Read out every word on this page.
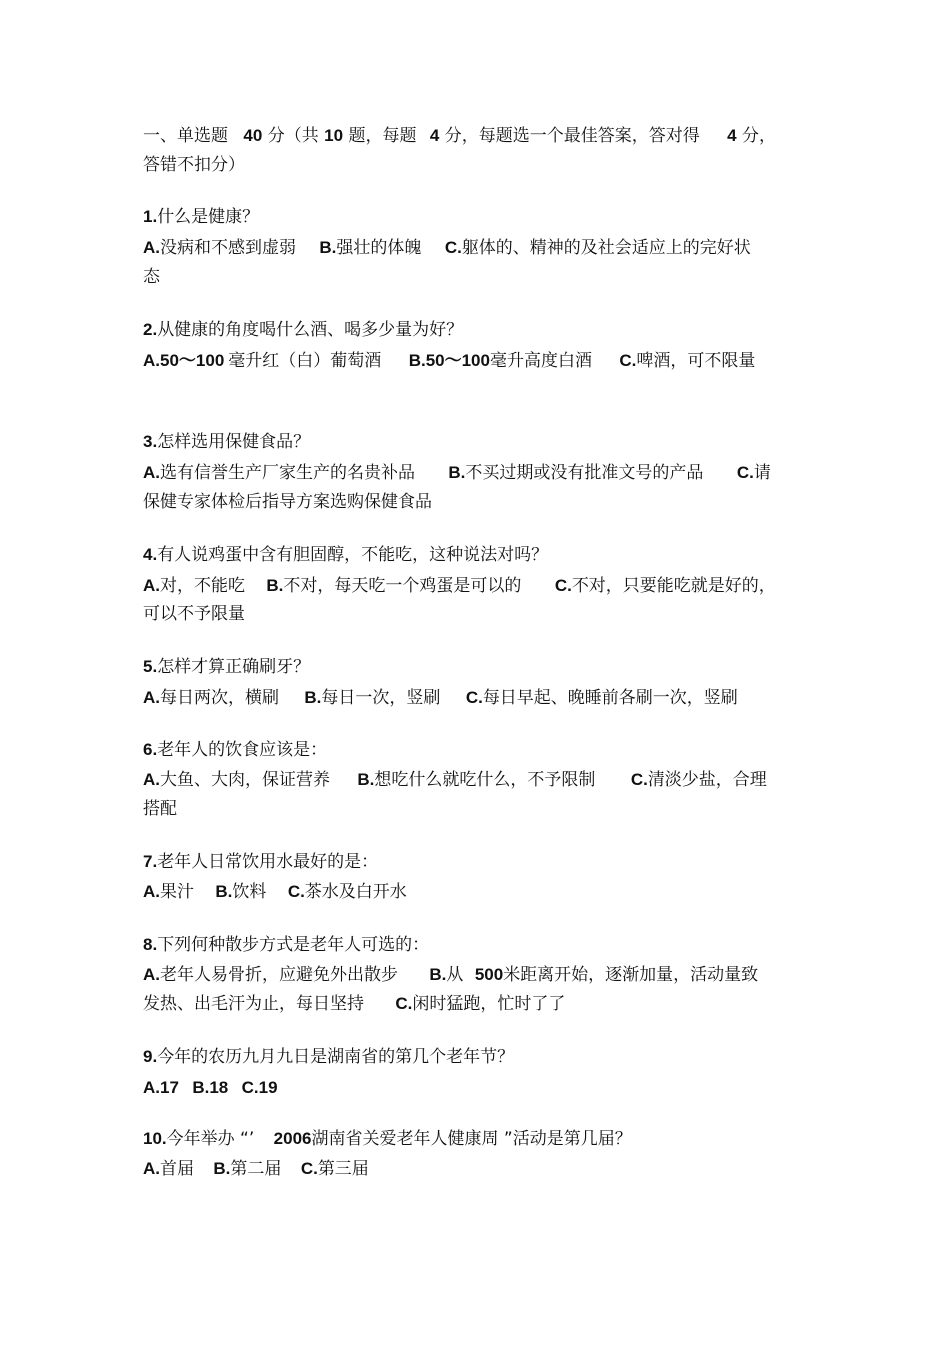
一、单选题 40 分（共 10 题，每题 4 分，每题选一个最佳答案，答对得 4 分，
答错不扣分）
1.什么是健康？
A.没病和不感到虚弱 B.强壮的体魄 C.躯体的、精神的及社会适应上的完好状
态
2.从健康的角度喝什么酒、喝多少量为好？
A.50～100 毫升红（白）葡萄酒 B.50～100毫升高度白酒 C.啤酒，可不限量
3.怎样选用保健食品？
A.选有信誉生产厂家生产的名贵补品 B.不买过期或没有批准文号的产品 C.请
保健专家体检后指导方案选购保健食品
4.有人说鸡蛋中含有胆固醇，不能吃，这种说法对吗？
A.对，不能吃 B.不对，每天吃一个鸡蛋是可以的 C.不对，只要能吃就是好的，
可以不予限量
5.怎样才算正确刷牙？
A.每日两次，横刷 B.每日一次，竖刷 C.每日早起、晚睡前各刷一次，竖刷
6.老年人的饮食应该是：
A.大鱼、大肉，保证营养 B.想吃什么就吃什么，不予限制 C.清淡少盐，合理
搭配
7.老年人日常饮用水最好的是：
A.果汁 B.饮料 C.茶水及白开水
8.下列何种散步方式是老年人可选的：
A.老年人易骨折，应避免外出散步 B.从 500米距离开始，逐渐加量，活动量致
发热、出毛汗为止，每日坚持 C.闲时猛跑，忙时了了
9.今年的农历九月九日是湖南省的第几个老年节？
A.17 B.18 C.19
10.今年举办 “’ 2006湖南省关爱老年人健康周 ”活动是第几届？
A.首届 B.第二届 C.第三届
